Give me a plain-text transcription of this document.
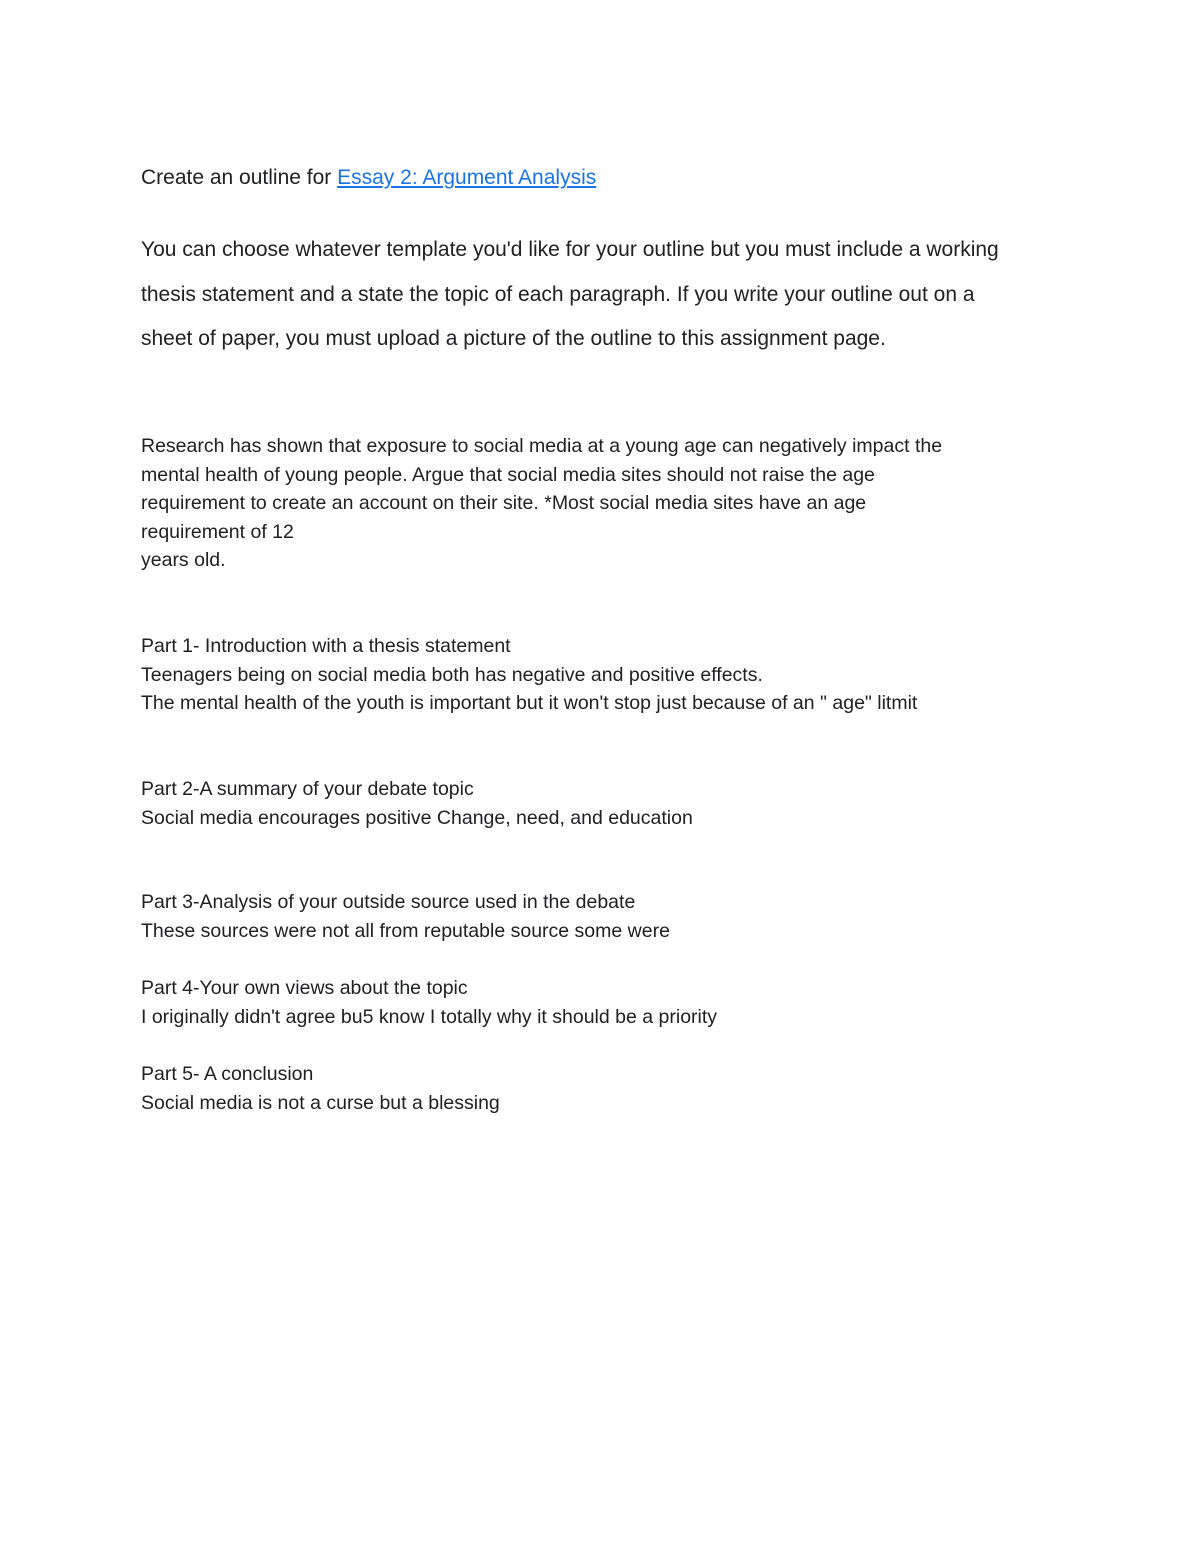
Create an outline for Essay 2: Argument Analysis

You can choose whatever template you'd like for your outline but you must include a working thesis statement and a state the topic of each paragraph. If you write your outline out on a sheet of paper, you must upload a picture of the outline to this assignment page.

Research has shown that exposure to social media at a young age can negatively impact the
mental health of young people. Argue that social media sites should not raise the age
requirement to create an account on their site. *Most social media sites have an age
requirement of 12
years old.
Part 1- Introduction with a thesis statement
Teenagers being on social media both has negative and positive effects.
The mental health of the youth is important but it won't stop just because of an " age" litmit
Part 2-A summary of your debate topic
Social media encourages positive Change, need, and education
Part 3-Analysis of your outside source used in the debate
These sources were not all from reputable source some were
Part 4-Your own views about the topic
I originally didn't agree bu5 know I totally why it should be a priority
Part 5- A conclusion
Social media is not a curse but a blessing
